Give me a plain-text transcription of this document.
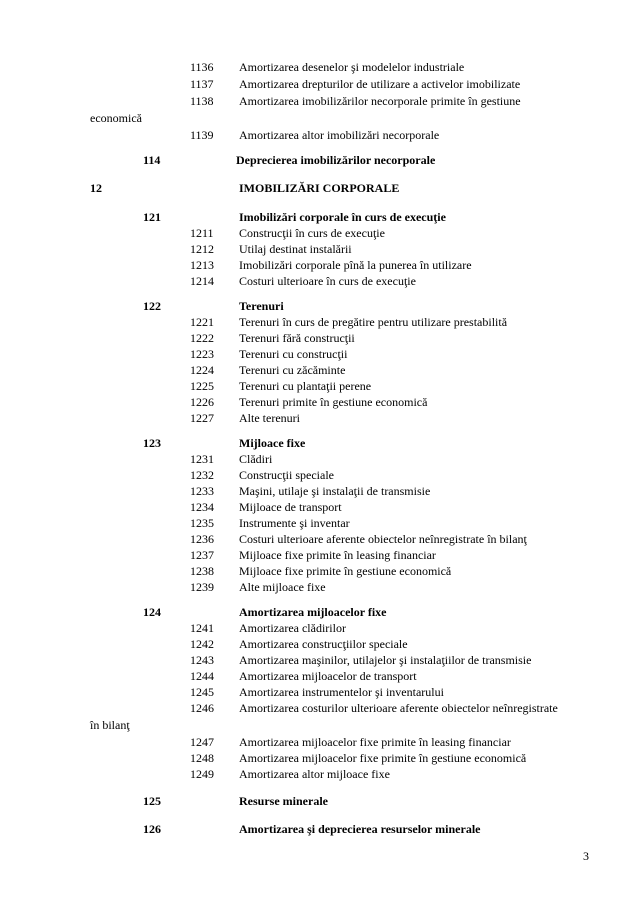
1136 Amortizarea desenelor şi modelelor industriale
1137 Amortizarea drepturilor de utilizare a activelor imobilizate
1138 Amortizarea imobilizărilor necorporale primite în gestiune
economică
1139 Amortizarea altor imobilizări necorporale
114	Deprecierea imobilizărilor necorporale
12	IMOBILIZĂRI CORPORALE
121	Imobilizări corporale în curs de execuţie
1211 Construcţii în curs de execuţie
1212 Utilaj destinat instalării
1213 Imobilizări corporale pînă la punerea în utilizare
1214 Costuri ulterioare în curs de execuţie
122	Terenuri
1221 Terenuri în curs de pregătire pentru utilizare prestabilită
1222 Terenuri fără construcţii
1223 Terenuri cu construcţii
1224 Terenuri cu zăcăminte
1225 Terenuri cu plantaţii perene
1226 Terenuri primite în gestiune economică
1227 Alte terenuri
123	Mijloace fixe
1231 Clădiri
1232 Construcţii speciale
1233 Maşini, utilaje şi instalaţii de transmisie
1234 Mijloace de transport
1235 Instrumente şi inventar
1236 Costuri ulterioare aferente obiectelor neînregistrate în bilanţ
1237 Mijloace fixe primite în leasing financiar
1238 Mijloace fixe primite în gestiune economică
1239 Alte mijloace fixe
124	Amortizarea mijloacelor fixe
1241 Amortizarea clădirilor
1242 Amortizarea construcţiilor speciale
1243 Amortizarea maşinilor, utilajelor şi instalaţiilor de transmisie
1244 Amortizarea mijloacelor de transport
1245 Amortizarea instrumentelor şi inventarului
1246 Amortizarea costurilor ulterioare aferente obiectelor neînregistrate
în bilanţ
1247 Amortizarea mijloacelor fixe primite în leasing financiar
1248 Amortizarea mijloacelor fixe primite în gestiune economică
1249 Amortizarea altor mijloace fixe
125	Resurse minerale
126	Amortizarea şi deprecierea resurselor minerale
3
